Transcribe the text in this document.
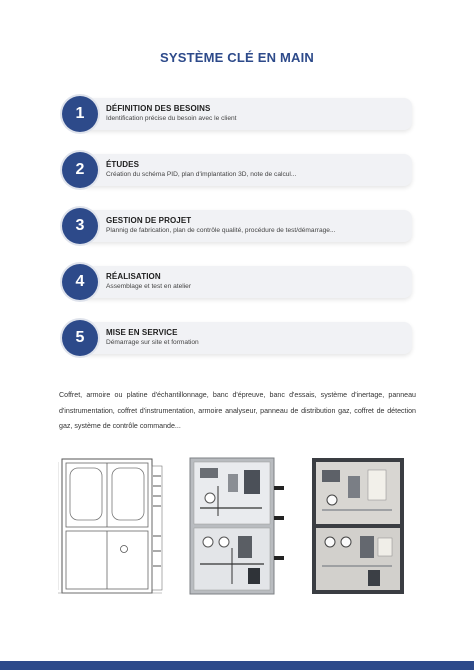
SYSTÈME CLÉ EN MAIN
1	DÉFINITION DES BESOINS
Identification précise du besoin avec le client
2	ÉTUDES
Création du schéma PID, plan d'implantation 3D, note de calcul...
3	GESTION DE PROJET
Plannig de fabrication, plan de contrôle qualité, procédure de test/démarrage...
4	RÉALISATION
Assemblage et test en atelier
5	MISE EN SERVICE
Démarrage sur site et formation
Coffret, armoire ou platine d'échantillonnage, banc d'épreuve, banc d'essais, système d'inertage, panneau d'instrumentation, coffret d'instrumentation, armoire analyseur, panneau de distribution gaz, coffret de détection gaz, système de contrôle commande...
